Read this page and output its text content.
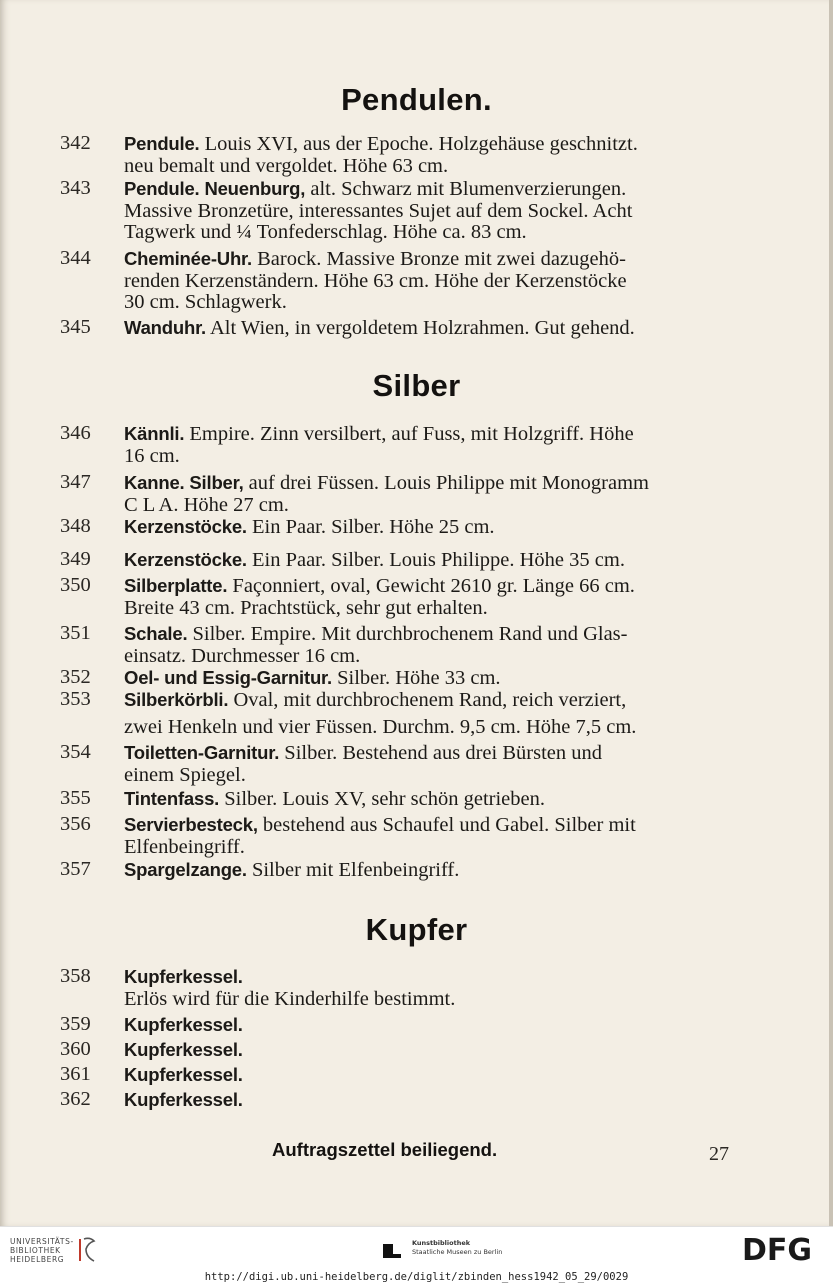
Pendulen.
342	Pendule. Louis XVI, aus der Epoche. Holzgehäuse geschnitzt.
neu bemalt und vergoldet. Höhe 63 cm.
343	Pendule. Neuenburg, alt. Schwarz mit Blumenverzierungen.
Massive Bronzetüre, interessantes Sujet auf dem Sockel. Acht
Tagwerk und ¼ Tonfederschlag. Höhe ca. 83 cm.
344	Cheminée-Uhr. Barock. Massive Bronze mit zwei dazugehö-
renden Kerzenständern. Höhe 63 cm. Höhe der Kerzenstöcke
30 cm. Schlagwerk.
345	Wanduhr. Alt Wien, in vergoldetem Holzrahmen. Gut gehend.
Silber
346	Kännli. Empire. Zinn versilbert, auf Fuss, mit Holzgriff. Höhe
16 cm.
347	Kanne. Silber, auf drei Füssen. Louis Philippe mit Monogramm
C L A. Höhe 27 cm.
348	Kerzenstöcke. Ein Paar. Silber. Höhe 25 cm.
349	Kerzenstöcke. Ein Paar. Silber. Louis Philippe. Höhe 35 cm.
350	Silberplatte. Façonniert, oval, Gewicht 2610 gr. Länge 66 cm.
Breite 43 cm. Prachtstück, sehr gut erhalten.
351	Schale. Silber. Empire. Mit durchbrochenem Rand und Glas-
einsatz. Durchmesser 16 cm.
352	Oel- und Essig-Garnitur. Silber. Höhe 33 cm.
353	Silberkörbli. Oval, mit durchbrochenem Rand, reich verziert,
zwei Henkeln und vier Füssen. Durchm. 9,5 cm. Höhe 7,5 cm.
354	Toiletten-Garnitur. Silber. Bestehend aus drei Bürsten und
einem Spiegel.
355	Tintenfass. Silber. Louis XV, sehr schön getrieben.
356	Servierbesteck, bestehend aus Schaufel und Gabel. Silber mit
Elfenbeingriff.
357	Spargelzange. Silber mit Elfenbeingriff.
Kupfer
358	Kupferkessel.
Erlös wird für die Kinderhilfe bestimmt.
359	Kupferkessel.
360	Kupferkessel.
361	Kupferkessel.
362	Kupferkessel.
Auftragszettel beiliegend.	27
UNIVERSITÄTS-
BIBLIOTHEK
HEIDELBERG
Kunstbibliothek
Staatliche Museen zu Berlin	DFG
http://digi.ub.uni-heidelberg.de/diglit/zbinden_hess1942_05_29/0029
